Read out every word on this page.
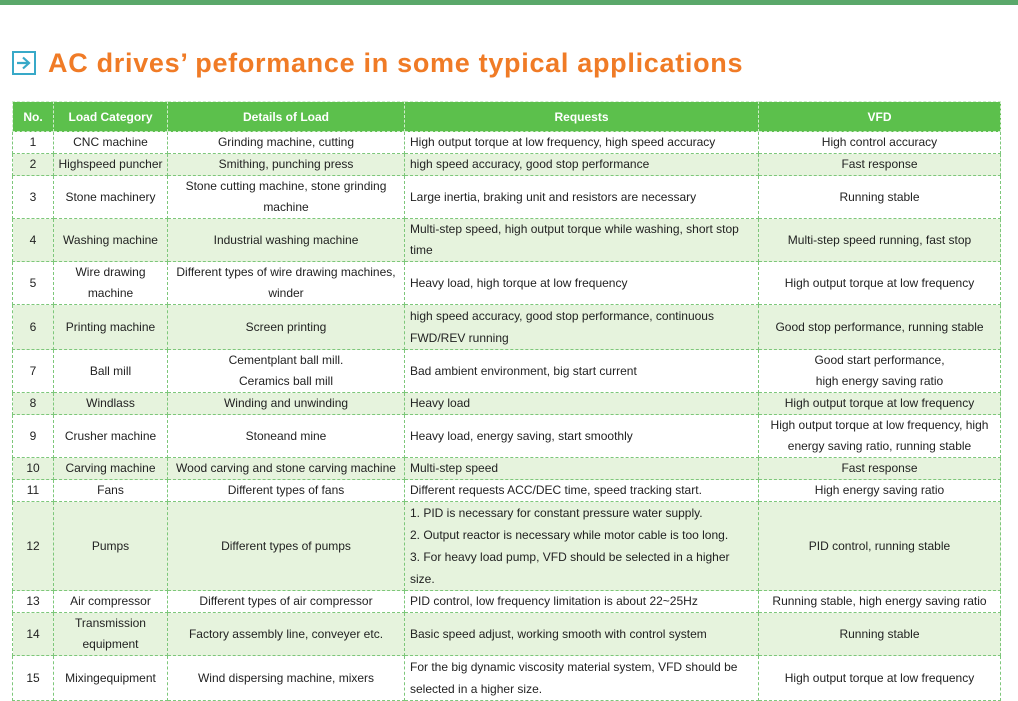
AC drives’ peformance in some typical applications
No.	Load Category	Details of Load	Requests	VFD
1	CNC machine	Grinding machine, cutting	High output torque at low frequency, high speed accuracy	High control accuracy

2	Highspeed puncher	Smithing, punching press	high speed accuracy, good stop performance	Fast response

3	Stone machinery	Stone cutting machine, stone grinding
machine	Large inertia, braking unit and resistors are necessary	Running stable

4	Washing machine	Industrial washing machine	Multi-step speed, high output torque while washing, short stop time	Multi-step speed running, fast stop

5	Wire drawing
machine	Different types of wire drawing machines,
winder	Heavy load, high torque at low frequency	High output torque at low frequency

6	Printing machine	Screen printing	high speed accuracy, good stop performance, continuous
FWD/REV running	Good stop performance, running stable

7	Ball mill	Cementplant ball mill.
Ceramics ball mill	Bad ambient environment, big start current	Good start performance,
high energy saving ratio

8	Windlass	Winding and unwinding	Heavy load	High output torque at low frequency

9	Crusher machine	Stoneand mine	Heavy load, energy saving, start smoothly	High output torque at low frequency, high
energy saving ratio, running stable

10	Carving machine	Wood carving and stone carving machine	Multi-step speed	Fast response

11	Fans	Different types of fans	Different requests ACC/DEC time, speed tracking start.	High energy saving ratio

12	Pumps	Different types of pumps	1. PID is necessary for constant pressure water supply.
2. Output reactor is necessary while motor cable is too long.
3. For heavy load pump, VFD should be selected in a higher size.	PID control, running stable

13	Air compressor	Different types of air compressor	PID control, low frequency limitation is about 22~25Hz	Running stable, high energy saving ratio

14	Transmission
equipment	Factory assembly line, conveyer etc.	Basic speed adjust, working smooth with control system	Running stable

15	Mixingequipment	Wind dispersing machine, mixers	For the big dynamic viscosity material system, VFD should be
selected in a higher size.	High output torque at low frequency
